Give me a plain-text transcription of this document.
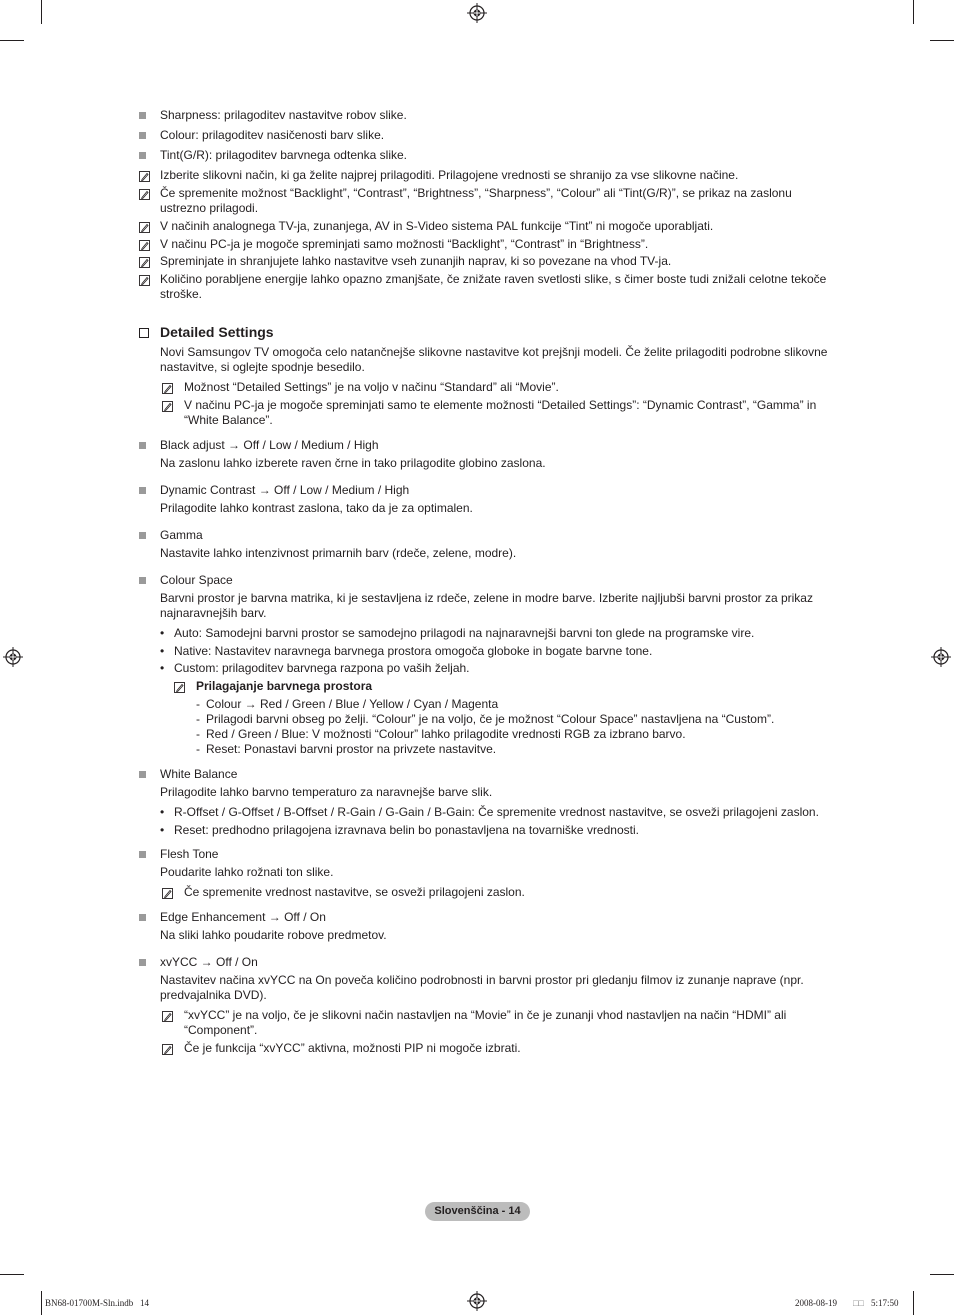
Sharpness: prilagoditev nastavitve robov slike.
Colour: prilagoditev nasičenosti barv slike.
Tint(G/R): prilagoditev barvnega odtenka slike.
Izberite slikovni način, ki ga želite najprej prilagoditi. Prilagojene vrednosti se shranijo za vse slikovne načine.
Če spremenite možnost “Backlight”, “Contrast”, “Brightness”, “Sharpness”, “Colour” ali “Tint(G/R)”, se prikaz na zaslonu
ustrezno prilagodi.
V načinih analognega TV-ja, zunanjega, AV in S-Video sistema PAL funkcije “Tint” ni mogoče uporabljati.
V načinu PC-ja je mogoče spreminjati samo možnosti “Backlight”, “Contrast” in “Brightness”.
Spreminjate in shranjujete lahko nastavitve vseh zunanjih naprav, ki so povezane na vhod TV-ja.
Količino porabljene energije lahko opazno zmanjšate, če znižate raven svetlosti slike, s čimer boste tudi znižali celotne tekoče
stroške.
Detailed Settings
Novi Samsungov TV omogoča celo natančnejše slikovne nastavitve kot prejšnji modeli. Če želite prilagoditi podrobne slikovne
nastavitve, si oglejte spodnje besedilo.
Možnost “Detailed Settings” je na voljo v načinu “Standard” ali “Movie”.
V načinu PC-ja je mogoče spreminjati samo te elemente možnosti “Detailed Settings”: “Dynamic Contrast”, “Gamma” in
“White Balance”.
Black adjust → Off / Low / Medium / High
Na zaslonu lahko izberete raven črne in tako prilagodite globino zaslona.
Dynamic Contrast → Off / Low / Medium / High
Prilagodite lahko kontrast zaslona, tako da je za optimalen.
Gamma
Nastavite lahko intenzivnost primarnih barv (rdeče, zelene, modre).
Colour Space
Barvni prostor je barvna matrika, ki je sestavljena iz rdeče, zelene in modre barve. Izberite najljubši barvni prostor za prikaz
najnaravnejših barv.
• Auto: Samodejni barvni prostor se samodejno prilagodi na najnaravnejši barvni ton glede na programske vire.
• Native: Nastavitev naravnega barvnega prostora omogoča globoke in bogate barvne tone.
• Custom: prilagoditev barvnega razpona po vaših željah.
Prilagajanje barvnega prostora
- Colour → Red / Green / Blue / Yellow / Cyan / Magenta
- Prilagodi barvni obseg po želji. “Colour” je na voljo, če je možnost “Colour Space” nastavljena na “Custom”.
- Red / Green / Blue: V možnosti “Colour” lahko prilagodite vrednosti RGB za izbrano barvo.
- Reset: Ponastavi barvni prostor na privzete nastavitve.
White Balance
Prilagodite lahko barvno temperaturo za naravnejše barve slik.
• R-Offset / G-Offset / B-Offset / R-Gain / G-Gain / B-Gain: Če spremenite vrednost nastavitve, se osveži prilagojeni zaslon.
• Reset: predhodno prilagojena izravnava belin bo ponastavljena na tovarniške vrednosti.
Flesh Tone
Poudarite lahko rožnati ton slike.
Če spremenite vrednost nastavitve, se osveži prilagojeni zaslon.
Edge Enhancement → Off / On
Na sliki lahko poudarite robove predmetov.
xvYCC → Off / On
Nastavitev načina xvYCC na On poveča količino podrobnosti in barvni prostor pri gledanju filmov iz zunanje naprave (npr.
predvajalnika DVD).
“xvYCC” je na voljo, če je slikovni način nastavljen na “Movie” in če je zunanji vhod nastavljen na način “HDMI” ali
“Component”.
Če je funkcija “xvYCC” aktivna, možnosti PIP ni mogoče izbrati.
Slovenščina - 14
BN68-01700M-Sln.indb   14	2008-08-19 □□ 5:17:50
